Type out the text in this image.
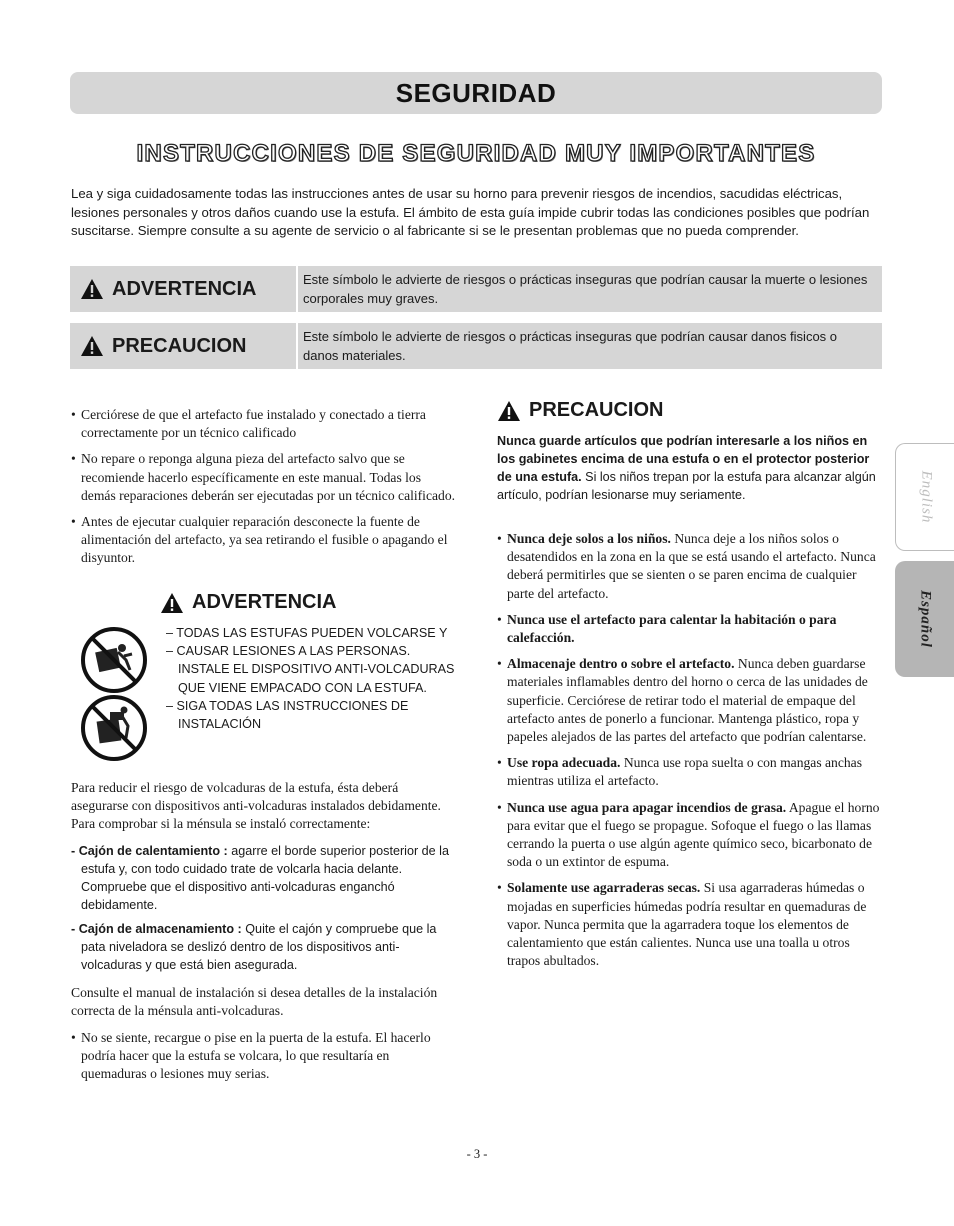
SEGURIDAD
INSTRUCCIONES DE SEGURIDAD MUY IMPORTANTES
Lea y siga cuidadosamente todas las instrucciones antes de usar su horno para prevenir riesgos de incendios, sacudidas eléctricas, lesiones personales y otros daños cuando use la estufa. El ámbito de esta guía impide cubrir todas las condiciones posibles que podrían suscitarse. Siempre consulte a su agente de servicio o al fabricante si se le presentan problemas que no pueda comprender.
ADVERTENCIA	Este símbolo le advierte de riesgos o prácticas inseguras que podrían causar la muerte o lesiones corporales muy graves.
PRECAUCION	Este símbolo le advierte de riesgos o prácticas inseguras que podrían causar danos fisicos o danos materiales.
• Cerciórese de que el artefacto fue instalado y conectado a tierra correctamente por un técnico calificado
• No repare o reponga alguna pieza del artefacto salvo que se recomiende hacerlo específicamente en este manual. Todas los demás reparaciones deberán ser ejecutadas por un técnico calificado.
• Antes de ejecutar cualquier reparación desconecte la fuente de alimentación del artefacto, ya sea retirando el fusible o apagando el disyuntor.
ADVERTENCIA
– TODAS LAS ESTUFAS PUEDEN VOLCARSE Y
– CAUSAR LESIONES A LAS PERSONAS. INSTALE EL DISPOSITIVO ANTI-VOLCADURAS QUE VIENE EMPACADO CON LA ESTUFA.
– SIGA TODAS LAS INSTRUCCIONES DE INSTALACIÓN
Para reducir el riesgo de volcaduras de la estufa, ésta deberá asegurarse con dispositivos anti-volcaduras instalados debidamente. Para comprobar si la ménsula se instaló correctamente:
- Cajón de calentamiento : agarre el borde superior posterior de la estufa y, con todo cuidado trate de volcarla hacia delante. Compruebe que el dispositivo anti-volcaduras enganchó debidamente.
- Cajón de almacenamiento : Quite el cajón y compruebe que la pata niveladora se deslizó dentro de los dispositivos anti-volcaduras y que está bien asegurada.
Consulte el manual de instalación si desea detalles de la instalación correcta de la ménsula anti-volcaduras.
• No se siente, recargue o pise en la puerta de la estufa. El hacerlo podría hacer que la estufa se volcara, lo que resultaría en quemaduras o lesiones muy serias.
PRECAUCION
Nunca guarde artículos que podrían interesarle a los niños en los gabinetes encima de una estufa o en el protector posterior de una estufa. Si los niños trepan por la estufa para alcanzar algún artículo, podrían lesionarse muy seriamente.
• Nunca deje solos a los niños. Nunca deje a los niños solos o desatendidos en la zona en la que se está usando el artefacto. Nunca deberá permitirles que se sienten o se paren encima de cualquier parte del artefacto.
• Nunca use el artefacto para calentar la habitación o para calefacción.
• Almacenaje dentro o sobre el artefacto. Nunca deben guardarse materiales inflamables dentro del horno o cerca de las unidades de superficie. Cerciórese de retirar todo el material de empaque del artefacto antes de ponerlo a funcionar. Mantenga plástico, ropa y papeles alejados de las partes del artefacto que podrían calentarse.
• Use ropa adecuada. Nunca use ropa suelta o con mangas anchas mientras utiliza el artefacto.
• Nunca use agua para apagar incendios de grasa. Apague el horno para evitar que el fuego se propague. Sofoque el fuego o las llamas cerrando la puerta o use algún agente químico seco, bicarbonato de soda o un extintor de espuma.
• Solamente use agarraderas secas. Si usa agarraderas húmedas o mojadas en superficies húmedas podría resultar en quemaduras de vapor. Nunca permita que la agarradera toque los elementos de calentamiento que están calientes. Nunca use una toalla u otros trapos abultados.
English
Español
- 3 -
